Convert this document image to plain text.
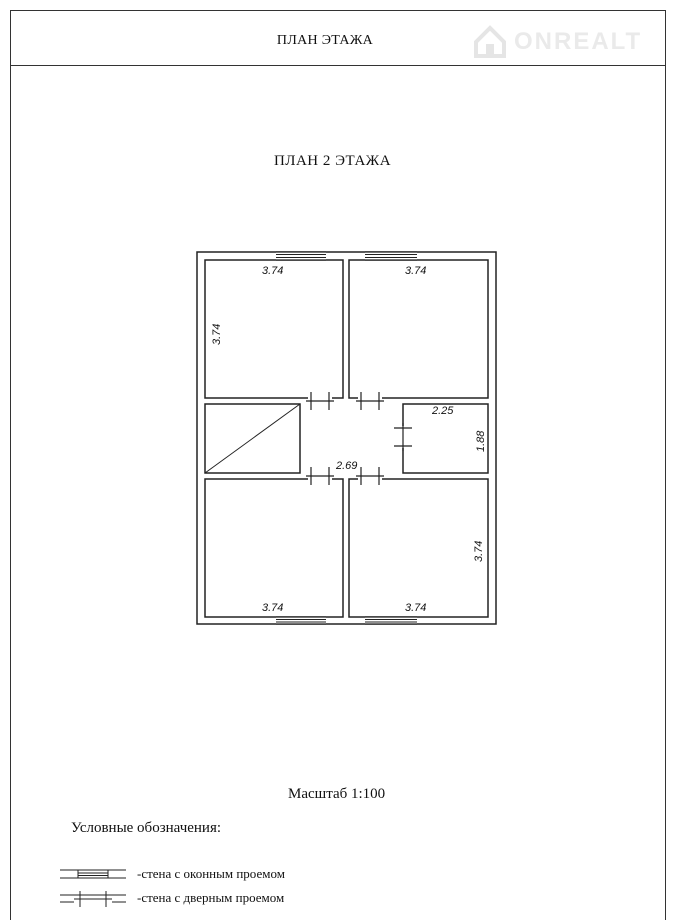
ПЛАН ЭТАЖА	ONREALT
ПЛАН 2 ЭТАЖА
3.74
3.74
3.74
2.25
1.88
2.69
3.74
3.74	3.74
Масштаб 1:100
Условные обозначения:
-стена с оконным проемом
-стена с дверным проемом
